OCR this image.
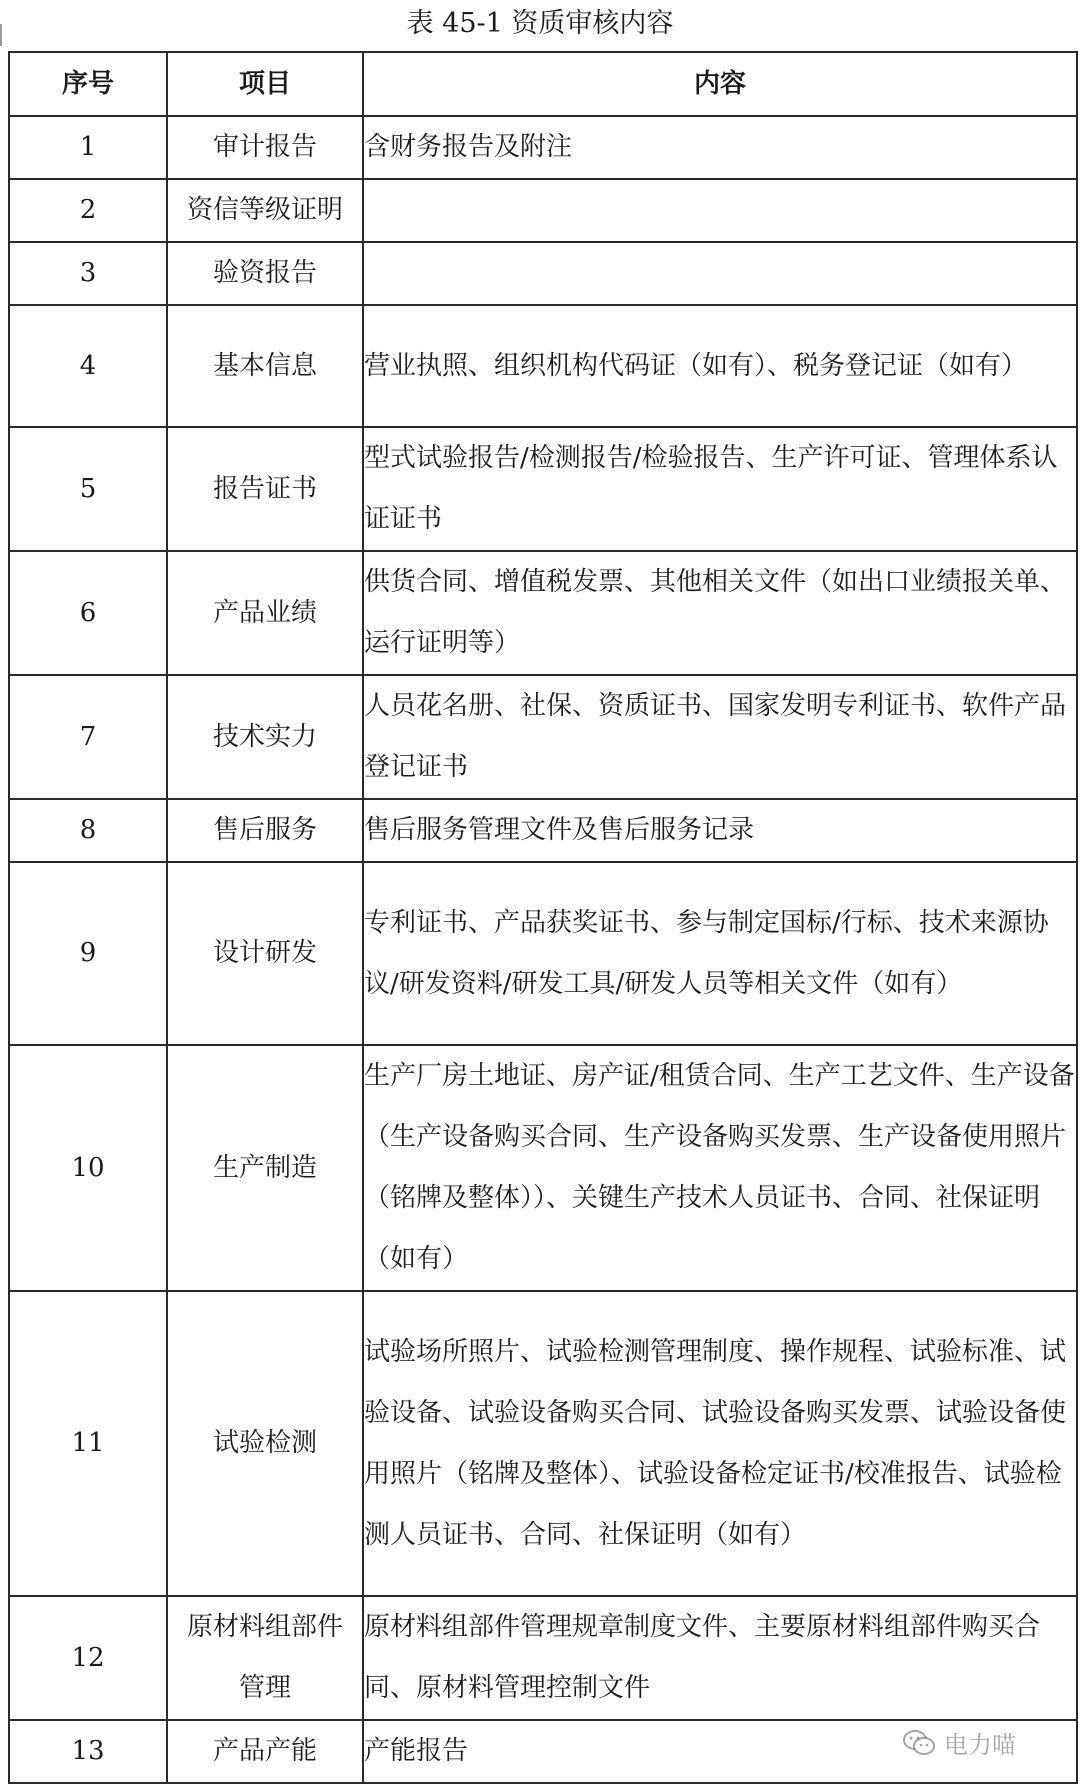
表 45-1 资质审核内容
序号	项目	内容
1	审计报告	含财务报告及附注
2	资信等级证明	
3	验资报告	
4	基本信息	营业执照、组织机构代码证（如有）、税务登记证（如有）
5	报告证书	型式试验报告/检测报告/检验报告、生产许可证、管理体系认证证书
6	产品业绩	供货合同、增值税发票、其他相关文件（如出口业绩报关单、运行证明等）
7	技术实力	人员花名册、社保、资质证书、国家发明专利证书、软件产品登记证书
8	售后服务	售后服务管理文件及售后服务记录
9	设计研发	专利证书、产品获奖证书、参与制定国标/行标、技术来源协议/研发资料/研发工具/研发人员等相关文件（如有）
10	生产制造	生产厂房土地证、房产证/租赁合同、生产工艺文件、生产设备（生产设备购买合同、生产设备购买发票、生产设备使用照片（铭牌及整体））、关键生产技术人员证书、合同、社保证明（如有）
11	试验检测	试验场所照片、试验检测管理制度、操作规程、试验标准、试验设备、试验设备购买合同、试验设备购买发票、试验设备使用照片（铭牌及整体）、试验设备检定证书/校准报告、试验检测人员证书、合同、社保证明（如有）
12	原材料组部件管理	原材料组部件管理规章制度文件、主要原材料组部件购买合同、原材料管理控制文件
13	产品产能	产能报告	电力喵
